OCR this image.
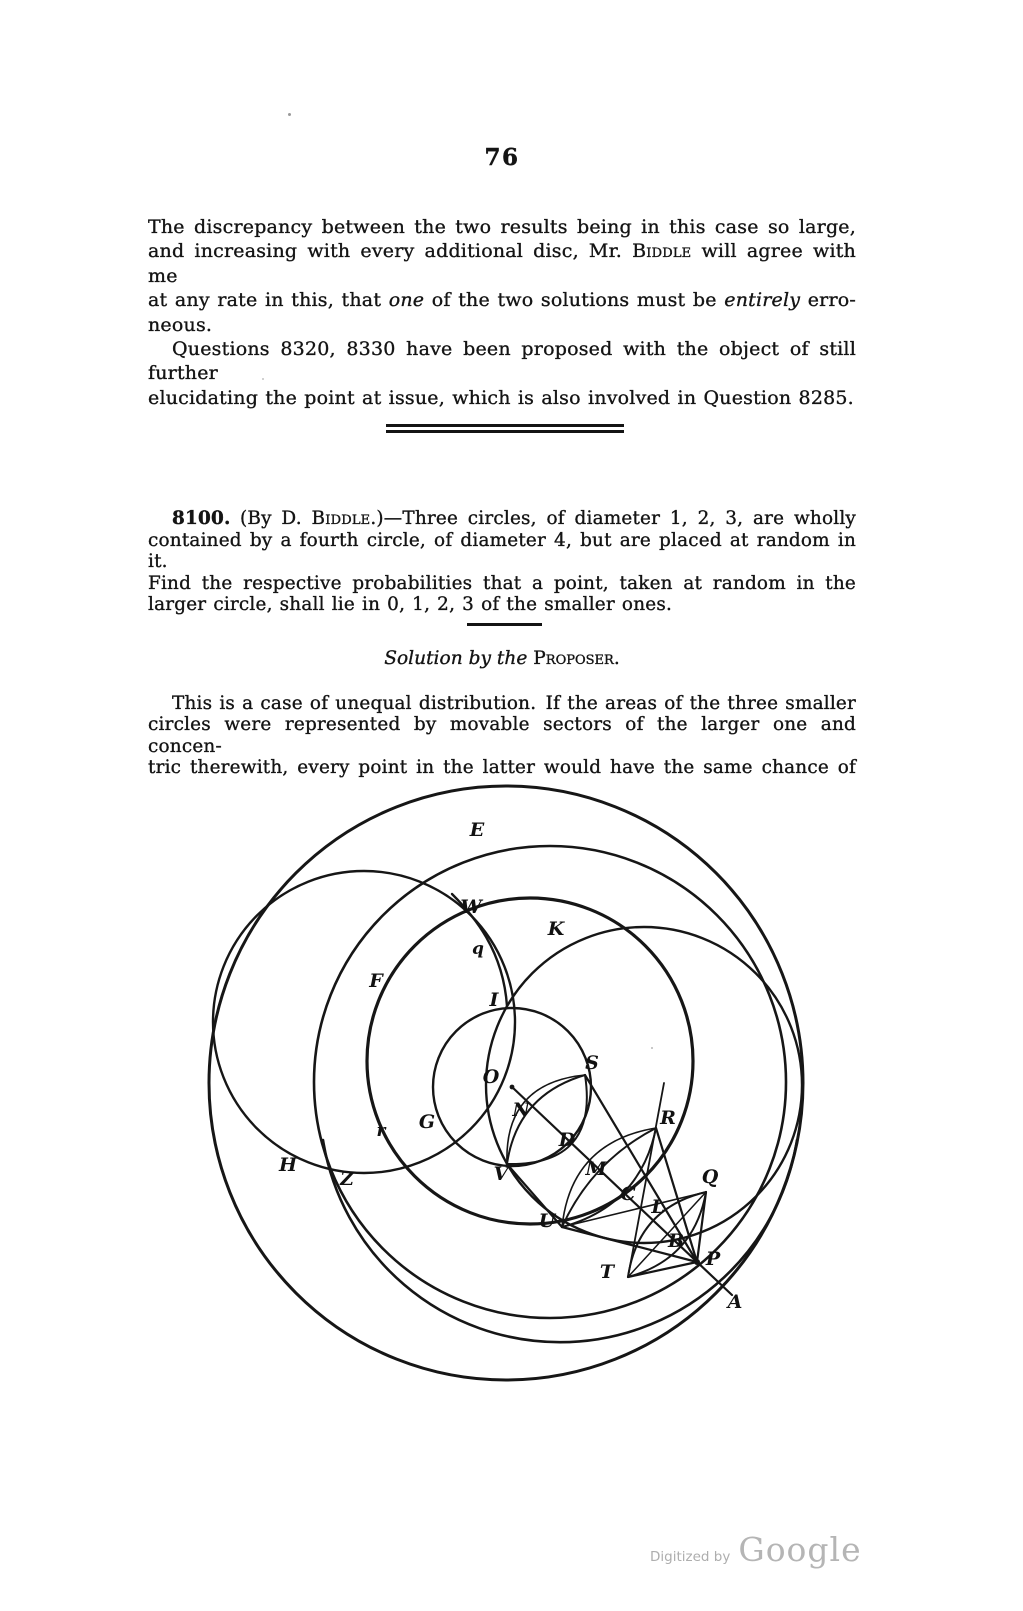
76
The discrepancy between the two results being in this case so large,
and increasing with every additional disc, Mr. Biddle will agree with me
at any rate in this, that one of the two solutions must be entirely erro-
neous.
Questions 8320, 8330 have been proposed with the object of still further
elucidating the point at issue, which is also involved in Question 8285.
8100. (By D. Biddle.)—Three circles, of diameter 1, 2, 3, are wholly
contained by a fourth circle, of diameter 4, but are placed at random in it.
Find the respective probabilities that a point, taken at random in the
larger circle, shall lie in 0, 1, 2, 3 of the smaller ones.
Solution by the Proposer.
This is a case of unequal distribution. If the areas of the three smaller
circles were represented by movable sectors of the larger one and concen-
tric therewith, every point in the latter would have the same chance of
E
W
q
K
F
I
O
G
S
N
D
r
H
Z	V	M
C
R
U
L
B
Q
T
P
A
Digitized by Google
